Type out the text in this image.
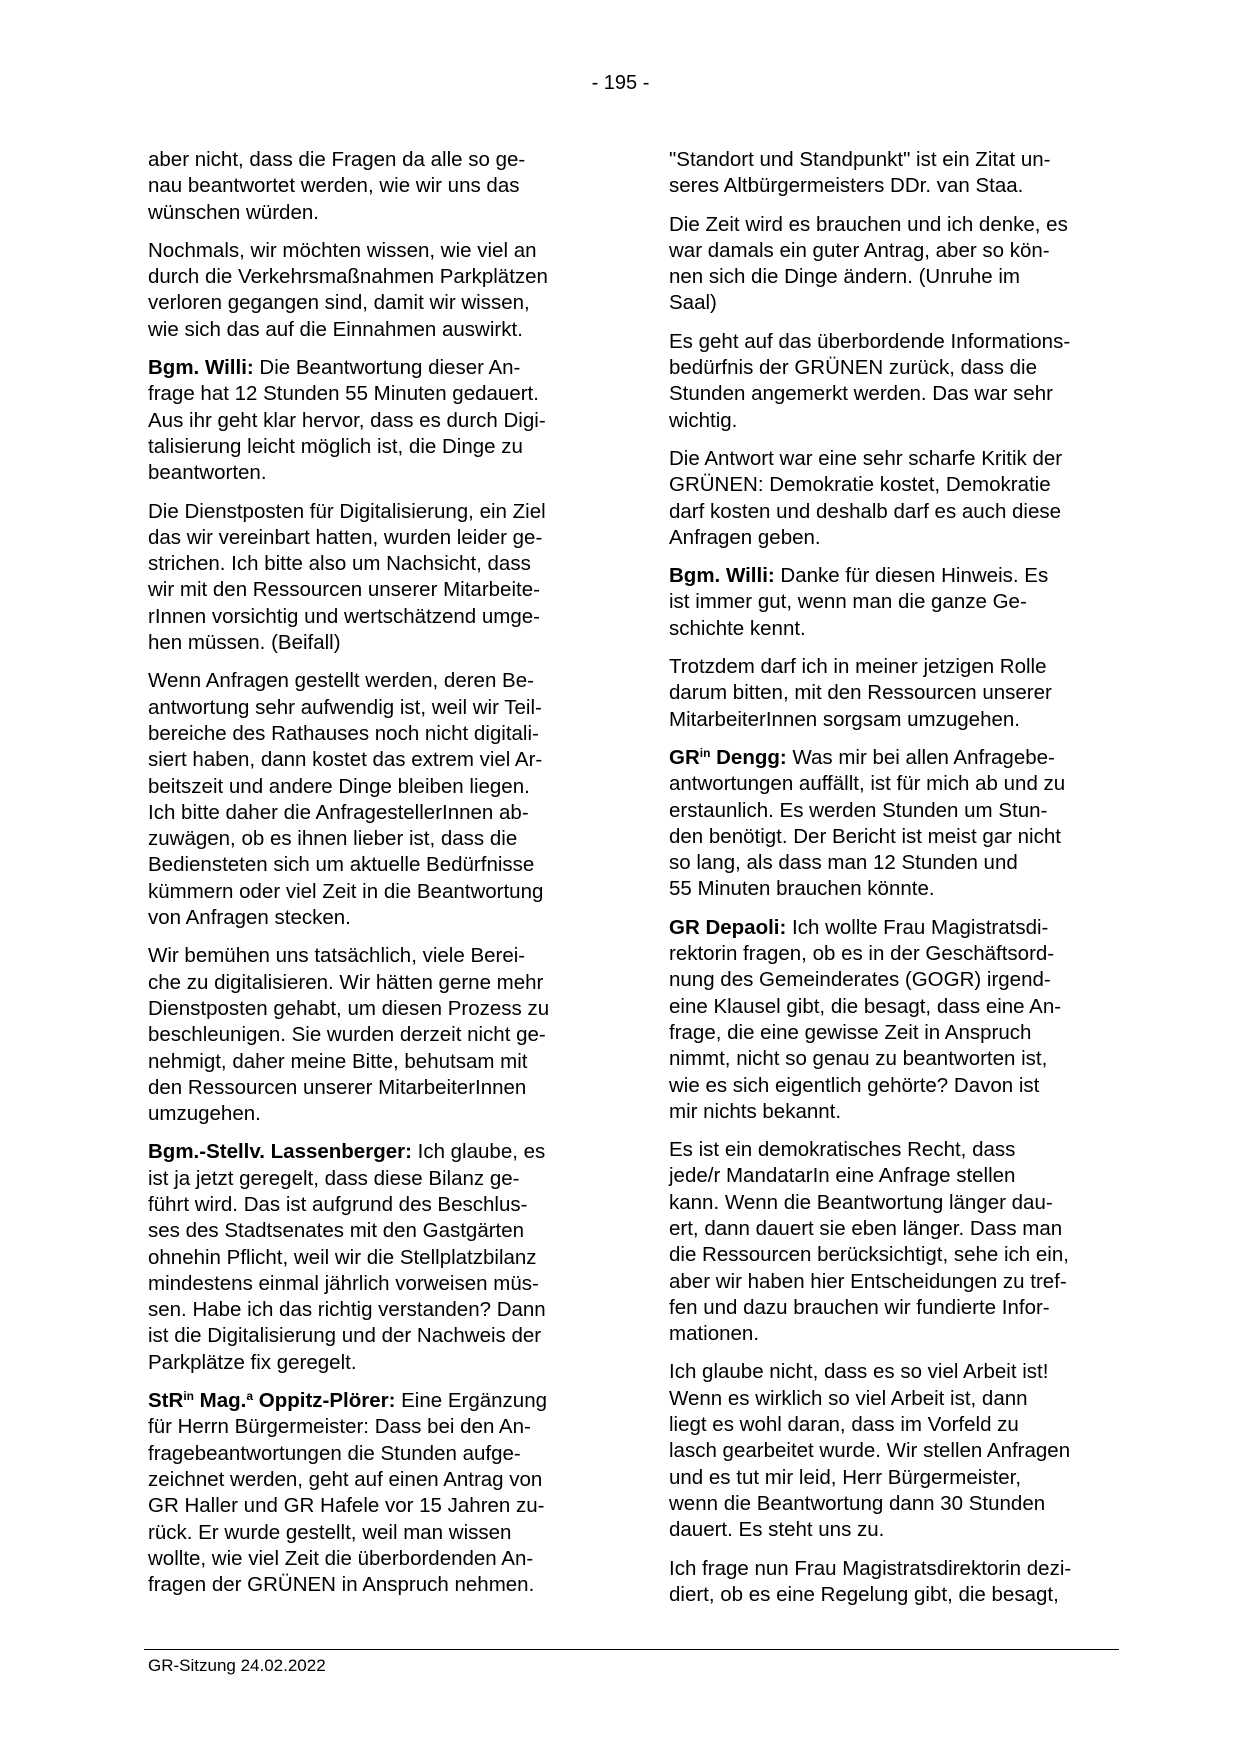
- 195 -

aber nicht, dass die Fragen da alle so ge-
nau beantwortet werden, wie wir uns das
wünschen würden.

Nochmals, wir möchten wissen, wie viel an
durch die Verkehrsmaßnahmen Parkplätzen
verloren gegangen sind, damit wir wissen,
wie sich das auf die Einnahmen auswirkt.

Bgm. Willi: Die Beantwortung dieser An-
frage hat 12 Stunden 55 Minuten gedauert.
Aus ihr geht klar hervor, dass es durch Digi-
talisierung leicht möglich ist, die Dinge zu
beantworten.

Die Dienstposten für Digitalisierung, ein Ziel
das wir vereinbart hatten, wurden leider ge-
strichen. Ich bitte also um Nachsicht, dass
wir mit den Ressourcen unserer Mitarbeite-
rInnen vorsichtig und wertschätzend umge-
hen müssen. (Beifall)

Wenn Anfragen gestellt werden, deren Be-
antwortung sehr aufwendig ist, weil wir Teil-
bereiche des Rathauses noch nicht digitali-
siert haben, dann kostet das extrem viel Ar-
beitszeit und andere Dinge bleiben liegen.
Ich bitte daher die AnfragestellerInnen ab-
zuwägen, ob es ihnen lieber ist, dass die
Bediensteten sich um aktuelle Bedürfnisse
kümmern oder viel Zeit in die Beantwortung
von Anfragen stecken.

Wir bemühen uns tatsächlich, viele Berei-
che zu digitalisieren. Wir hätten gerne mehr
Dienstposten gehabt, um diesen Prozess zu
beschleunigen. Sie wurden derzeit nicht ge-
nehmigt, daher meine Bitte, behutsam mit
den Ressourcen unserer MitarbeiterInnen
umzugehen.

Bgm.-Stellv. Lassenberger: Ich glaube, es
ist ja jetzt geregelt, dass diese Bilanz ge-
führt wird. Das ist aufgrund des Beschlus-
ses des Stadtsenates mit den Gastgärten
ohnehin Pflicht, weil wir die Stellplatzbilanz
mindestens einmal jährlich vorweisen müs-
sen. Habe ich das richtig verstanden? Dann
ist die Digitalisierung und der Nachweis der
Parkplätze fix geregelt.

StR$^{in}$ Mag.$^a$ Oppitz-Plörer: Eine Ergänzung
für Herrn Bürgermeister: Dass bei den An-
fragebeantwortungen die Stunden aufge-
zeichnet werden, geht auf einen Antrag von
GR Haller und GR Hafele vor 15 Jahren zu-
rück. Er wurde gestellt, weil man wissen
wollte, wie viel Zeit die überbordenden An-
fragen der GRÜNEN in Anspruch nehmen.

"Standort und Standpunkt" ist ein Zitat un-
seres Altbürgermeisters DDr. van Staa.

Die Zeit wird es brauchen und ich denke, es
war damals ein guter Antrag, aber so kön-
nen sich die Dinge ändern. (Unruhe im
Saal)

Es geht auf das überbordende Informations-
bedürfnis der GRÜNEN zurück, dass die
Stunden angemerkt werden. Das war sehr
wichtig.

Die Antwort war eine sehr scharfe Kritik der
GRÜNEN: Demokratie kostet, Demokratie
darf kosten und deshalb darf es auch diese
Anfragen geben.

Bgm. Willi: Danke für diesen Hinweis. Es
ist immer gut, wenn man die ganze Ge-
schichte kennt.

Trotzdem darf ich in meiner jetzigen Rolle
darum bitten, mit den Ressourcen unserer
MitarbeiterInnen sorgsam umzugehen.

$GR^{in}$ Dengg: Was mir bei allen Anfragebe-
antwortungen auffällt, ist für mich ab und zu
erstaunlich. Es werden Stunden um Stun-
den benötigt. Der Bericht ist meist gar nicht
so lang, als dass man 12 Stunden und
55 Minuten brauchen könnte.

GR Depaoli: Ich wollte Frau Magistratsdi-
rektorin fragen, ob es in der Geschäftsord-
nung des Gemeinderates (GOGR) irgend-
eine Klausel gibt, die besagt, dass eine An-
frage, die eine gewisse Zeit in Anspruch
nimmt, nicht so genau zu beantworten ist,
wie es sich eigentlich gehörte? Davon ist
mir nichts bekannt.

Es ist ein demokratisches Recht, dass
jede/r MandatarIn eine Anfrage stellen
kann. Wenn die Beantwortung länger dau-
ert, dann dauert sie eben länger. Dass man
die Ressourcen berücksichtigt, sehe ich ein,
aber wir haben hier Entscheidungen zu tref-
fen und dazu brauchen wir fundierte Infor-
mationen.

Ich glaube nicht, dass es so viel Arbeit ist!
Wenn es wirklich so viel Arbeit ist, dann
liegt es wohl daran, dass im Vorfeld zu
lasch gearbeitet wurde. Wir stellen Anfragen
und es tut mir leid, Herr Bürgermeister,
wenn die Beantwortung dann 30 Stunden
dauert. Es steht uns zu.

Ich frage nun Frau Magistratsdirektorin dezi-
diert, ob es eine Regelung gibt, die besagt,

GR-Sitzung 24.02.2022
